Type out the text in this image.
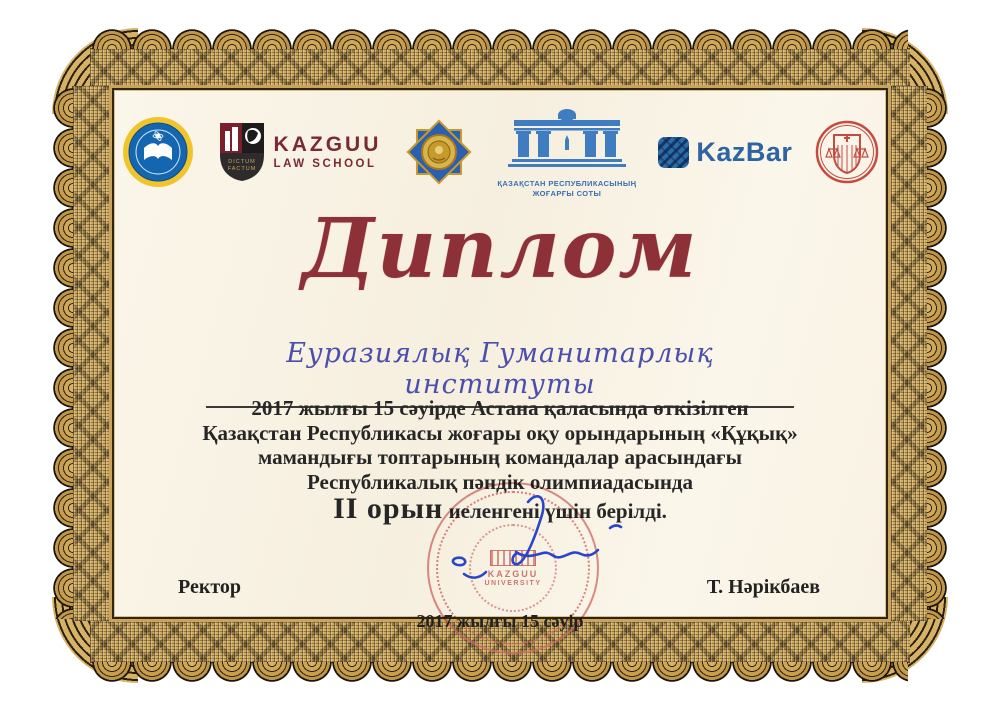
DICTUM
FACTUM
KAZGUU
LAW SCHOOL
ҚАЗАҚСТАН РЕСПУБЛИКАСЫНЫҢ
ЖОҒАРҒЫ СОТЫ
KazBar
Диплом
Еуразиялық Гуманитарлық институты
2017 жылғы 15 сәуірде Астана қаласында өткізілген
Қазақстан Республикасы жоғары оқу орындарының «Құқық»
мамандығы топтарының командалар арасындағы
Республикалық пәндік олимпиадасында
II орын иеленгені үшін берілді.
KAZGUU
UNIVERSITY
Ректор	Т. Нәрікбаев
2017 жылғы 15 сәуір
